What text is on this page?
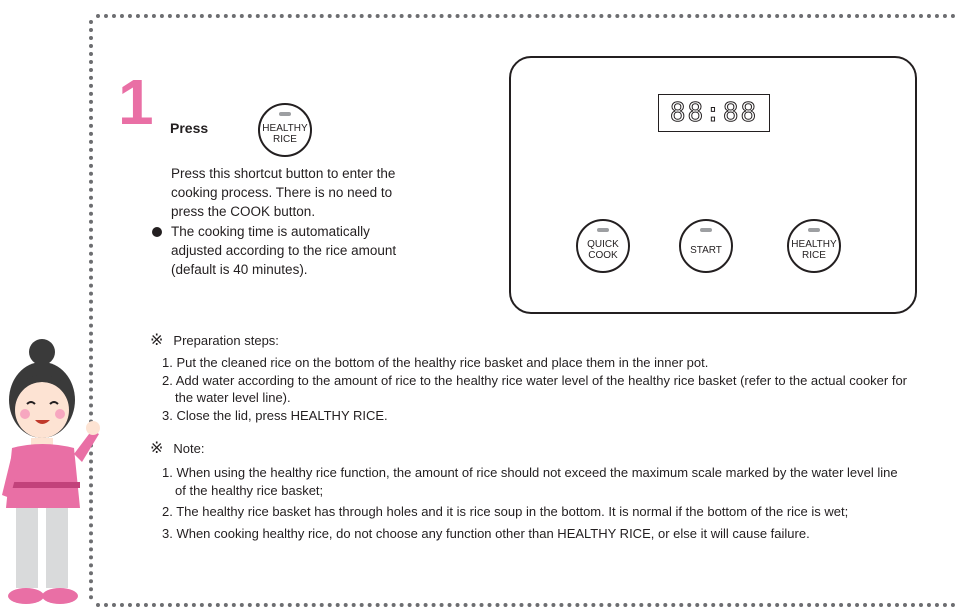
1 Press	HEALTHY
RICE
Press this shortcut button to enter the cooking process. There is no need to press the COOK button.
The cooking time is automatically adjusted according to the rice amount (default is 40 minutes).
88:88
QUICK
COOK	START	HEALTHY
RICE
※ Preparation steps:
1. Put the cleaned rice on the bottom of the healthy rice basket and place them in the inner pot.
2. Add water according to the amount of rice to the healthy rice water level of the healthy rice basket (refer to the actual cooker for the water level line).
3. Close the lid, press HEALTHY RICE.
※ Note:
1. When using the healthy rice function, the amount of rice should not exceed the maximum scale marked by the water level line of the healthy rice basket;
2. The healthy rice basket has through holes and it is rice soup in the bottom. It is normal if the bottom of the rice is wet;
3. When cooking healthy rice, do not choose any function other than HEALTHY RICE, or else it will cause failure.
